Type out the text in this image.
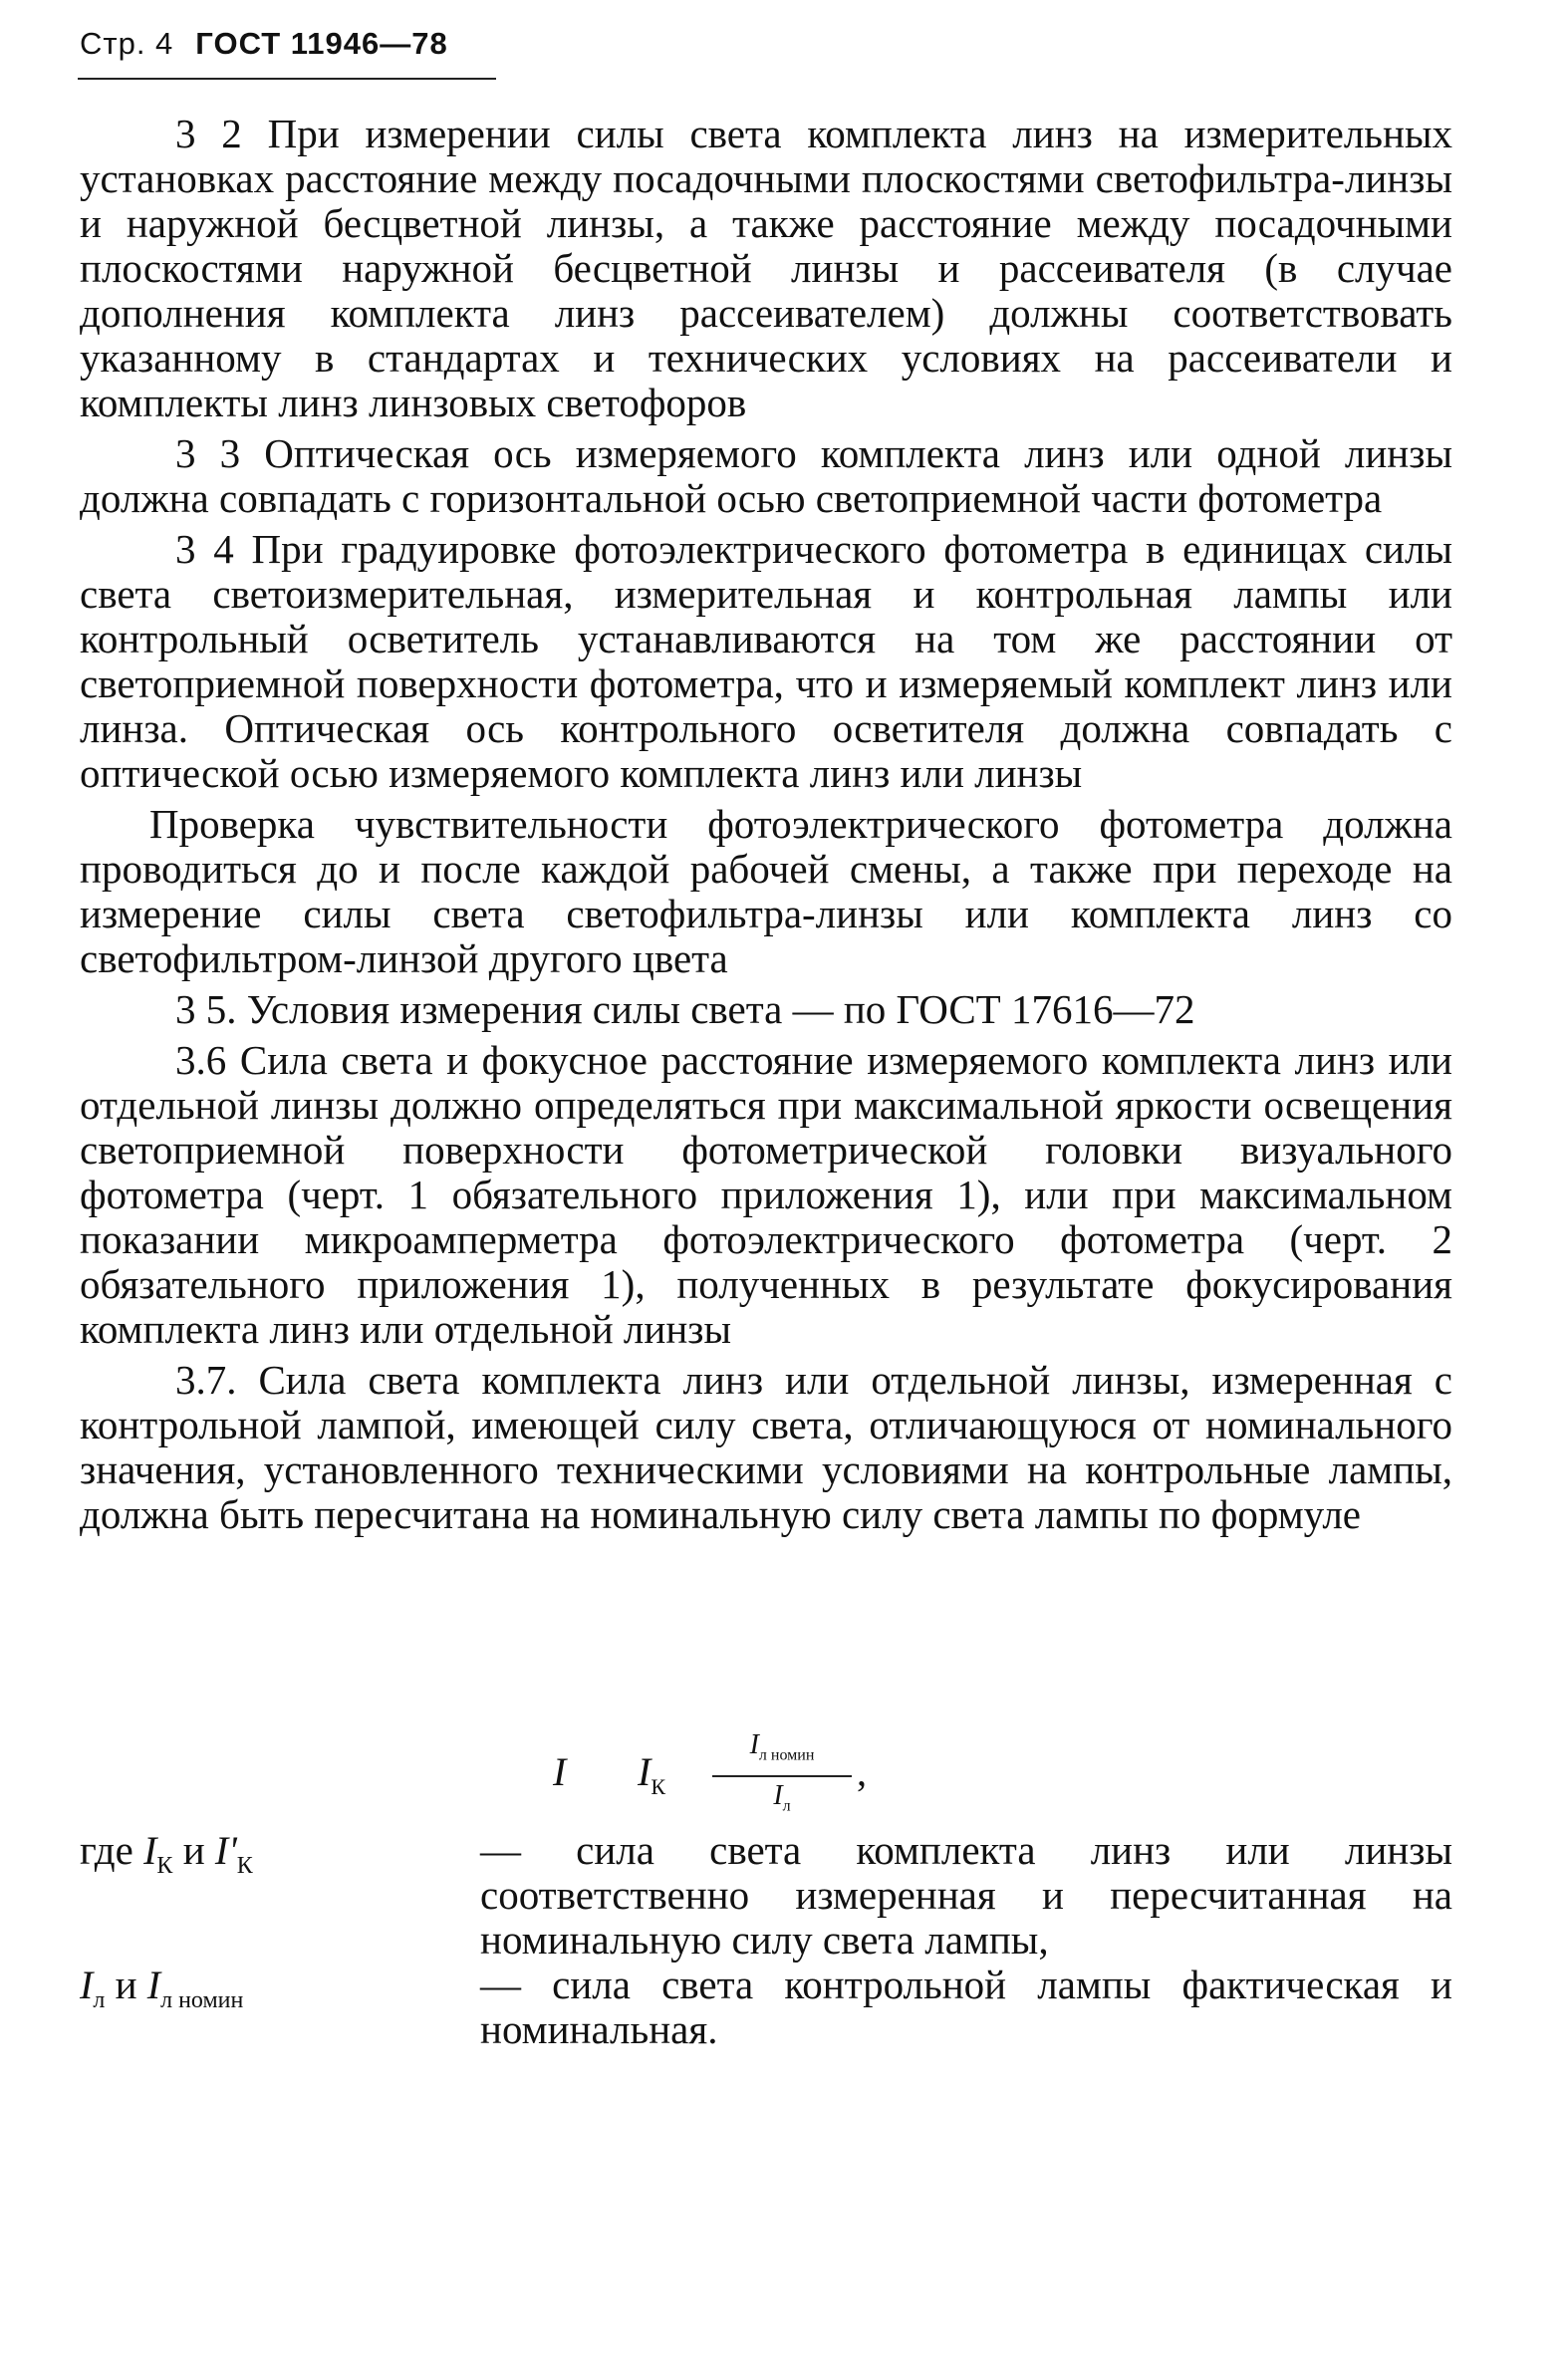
Стр. 4 ГОСТ 11946—78

3 2 При измерении силы света комплекта линз на измерительных установках расстояние между посадочными плоскостями светофильтра-линзы и наружной бесцветной линзы, а также расстояние между посадочными плоскостями наружной бесцветной линзы и рассеивателя (в случае дополнения комплекта линз рассеивателем) должны соответствовать указанному в стандартах и технических условиях на рассеиватели и комплекты линз линзовых светофоров

3 3 Оптическая ось измеряемого комплекта линз или одной линзы должна совпадать с горизонтальной осью светоприемной части фотометра

3 4 При градуировке фотоэлектрического фотометра в единицах силы света светоизмерительная, измерительная и контрольная лампы или контрольный осветитель устанавливаются на том же расстоянии от светоприемной поверхности фотометра, что и измеряемый комплект линз или линза. Оптическая ось контрольного осветителя должна совпадать с оптической осью измеряемого комплекта линз или линзы

Проверка чувствительности фотоэлектрического фотометра должна проводиться до и после каждой рабочей смены, а также при переходе на измерение силы света светофильтра-линзы или комплекта линз со светофильтром-линзой другого цвета

3 5. Условия измерения силы света — по ГОСТ 17616—72

3.6 Сила света и фокусное расстояние измеряемого комплекта линз или отдельной линзы должно определяться при максимальной яркости освещения светоприемной поверхности фотометрической головки визуального фотометра (черт. 1 обязательного приложения 1), или при максимальном показании микроамперметра фотоэлектрического фотометра (черт. 2 обязательного приложения 1), полученных в результате фокусирования комплекта линз или отдельной линзы

3.7. Сила света комплекта линз или отдельной линзы, измеренная с контрольной лампой, имеющей силу света, отличающуюся от номинального значения, установленного техническими условиями на контрольные лампы, должна быть пересчитана на номинальную силу света лампы по формуле

I $I_К$
$I_{л номин}$
$I_л$
,
где $I_К$ и $I'_К$	— сила света комплекта линз или линзы соответственно измеренная и пересчитанная на номинальную силу света лампы,
$I_л$ и $I_{л номин}$	— сила света контрольной лампы фактическая и номинальная.
